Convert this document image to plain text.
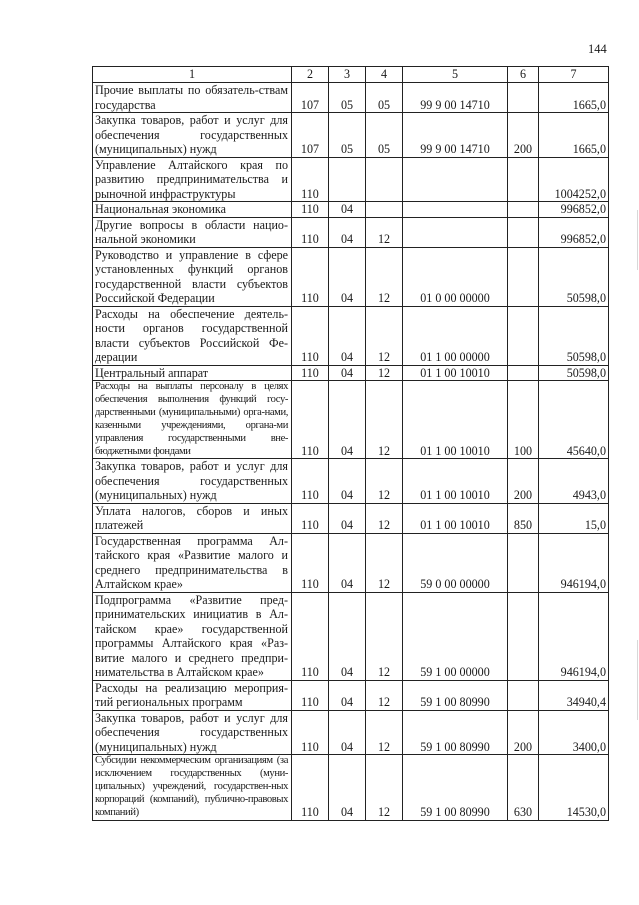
144
1	2	3	4	5	6	7
Прочие выплаты по обязатель-ствам государства	107	05	05	99 9 00 14710		1665,0
Закупка товаров, работ и услуг для обеспечения государственных (муниципальных) нужд	107	05	05	99 9 00 14710	200	1665,0
Управление Алтайского края по развитию предпринимательства и рыночной инфраструктуры	110					1004252,0
Национальная экономика	110	04				996852,0
Другие вопросы в области нацио-нальной экономики	110	04	12			996852,0
Руководство и управление в сфере установленных функций органов государственной власти субъектов Российской Федерации	110	04	12	01 0 00 00000		50598,0
Расходы на обеспечение деятель-ности органов государственной власти субъектов Российской Фе-дерации	110	04	12	01 1 00 00000		50598,0
Центральный аппарат	110	04	12	01 1 00 10010		50598,0
Расходы на выплаты персоналу в целях обеспечения выполнения функций госу-дарственными (муниципальными) орга-нами, казенными учреждениями, органа-ми управления государственными вне-бюджетными фондами	110	04	12	01 1 00 10010	100	45640,0
Закупка товаров, работ и услуг для обеспечения государственных (муниципальных) нужд	110	04	12	01 1 00 10010	200	4943,0
Уплата налогов, сборов и иных платежей	110	04	12	01 1 00 10010	850	15,0
Государственная программа Ал-тайского края «Развитие малого и среднего предпринимательства в Алтайском крае»	110	04	12	59 0 00 00000		946194,0
Подпрограмма «Развитие пред-принимательских инициатив в Ал-тайском крае» государственной программы Алтайского края «Раз-витие малого и среднего предпри-нимательства в Алтайском крае»	110	04	12	59 1 00 00000		946194,0
Расходы на реализацию мероприя-тий региональных программ	110	04	12	59 1 00 80990		34940,4
Закупка товаров, работ и услуг для обеспечения государственных (муниципальных) нужд	110	04	12	59 1 00 80990	200	3400,0
Субсидии некоммерческим организациям (за исключением государственных (муни-ципальных) учреждений, государствен-ных корпораций (компаний), публично-правовых компаний)	110	04	12	59 1 00 80990	630	14530,0
